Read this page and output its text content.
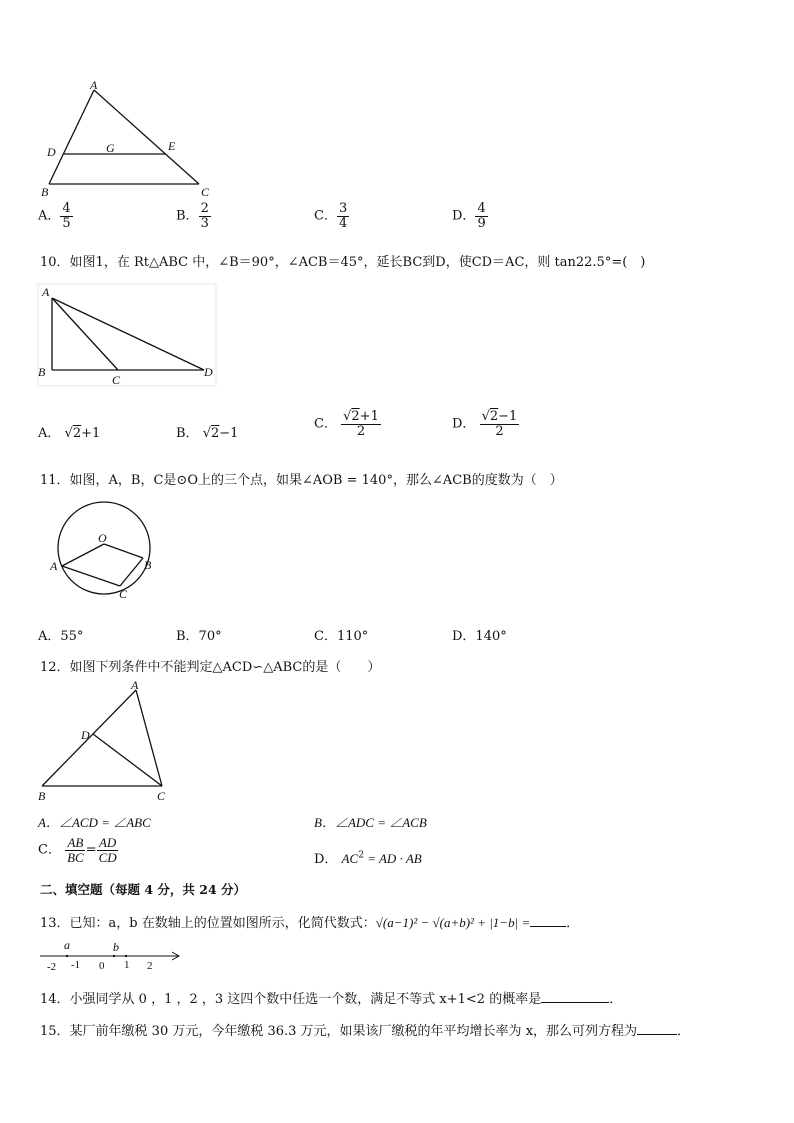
A
D	G	E
B	C
A． $\frac{4}{5}$	B． $\frac{2}{3}$	C． $\frac{3}{4}$	D． $\frac{4}{9}$
10．如图1，在 Rt△ABC 中，∠B＝90°，∠ACB＝45°，延长BC到D，使CD＝AC，则 tan22.5°=(　)
A
B
C
D
A． √2+1	B． √2−1
C． $\frac{√2+1}{2}$	D． $\frac{√2-1}{2}$
11．如图，A，B，C是⊙O上的三个点，如果∠AOB = 140°，那么∠ACB的度数为（　）
O
A	B
C
A．55°	B．70°	C．110°	D．140°
12．如图下列条件中不能判定△ACD∽△ABC的是（　　）
A
D
B	C
A．∠ACD = ∠ABC	B．∠ADC = ∠ACB
C． $\frac{AB}{BC} = \frac{AD}{CD}$	D． $AC^2$ = AD · AB
二、填空题（每题 4 分，共 24 分）
13．已知：a，b 在数轴上的位置如图所示，化简代数式：√(a−1)² − √(a+b)² + |1−b| =	．
a	b
-2 -1 0 1 2
14．小强同学从 0 ，1 ，2 ，3 这四个数中任选一个数，满足不等式 x+1<2 的概率是	．
15．某厂前年缴税 30 万元，今年缴税 36.3 万元，如果该厂缴税的年平均增长率为 x，那么可列方程为	．
